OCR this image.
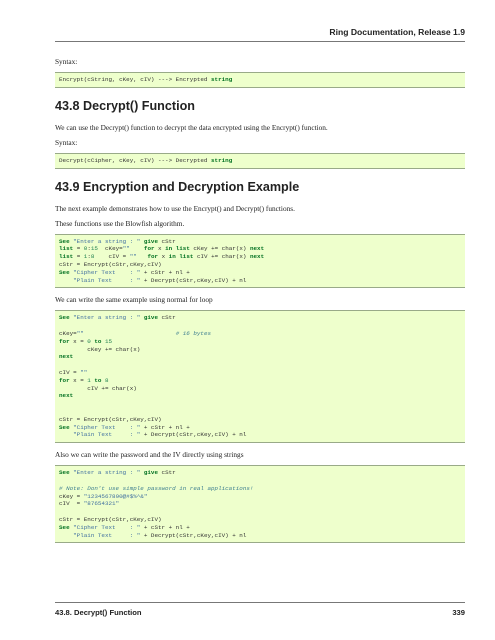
Ring Documentation, Release 1.9

Syntax:

Encrypt(cString, cKey, cIV) ---> Encrypted string
43.8 Decrypt() Function

We can use the Decrypt() function to decrypt the data encrypted using the Encrypt() function.

Syntax:

Decrypt(cCipher, cKey, cIV) ---> Decrypted string
43.9 Encryption and Decryption Example

The next example demonstrates how to use the Encrypt() and Decrypt() functions.

These functions use the Blowfish algorithm.

See "Enter a string : " give cStr
list = 0:15  cKey="" for x in list cKey += char(x) next
list = 1:8    cIV = "" for x in list cIV += char(x) next
cStr = Encrypt(cStr,cKey,cIV)
See "Cipher Text    : " + cStr + nl +
"Plain Text     : " + Decrypt(cStr,cKey,cIV) + nl

We can write the same example using normal for loop

See "Enter a string : " give cStr
cKey=""	# 16 bytes
for x = 0 to 15
cKey += char(x)
next
cIV = ""
for x = 1 to 8
cIV += char(x)
next
cStr = Encrypt(cStr,cKey,cIV)
See "Cipher Text    : " + cStr + nl +
"Plain Text     : " + Decrypt(cStr,cKey,cIV) + nl

Also we can write the password and the IV directly using strings

See "Enter a string : " give cStr
# Note: Don't use simple password in real applications!
cKey = "1234567890@#$%^&"
cIV  = "87654321"
cStr = Encrypt(cStr,cKey,cIV)
See "Cipher Text    : " + cStr + nl +
"Plain Text     : " + Decrypt(cStr,cKey,cIV) + nl
43.8. Decrypt() Function	339
